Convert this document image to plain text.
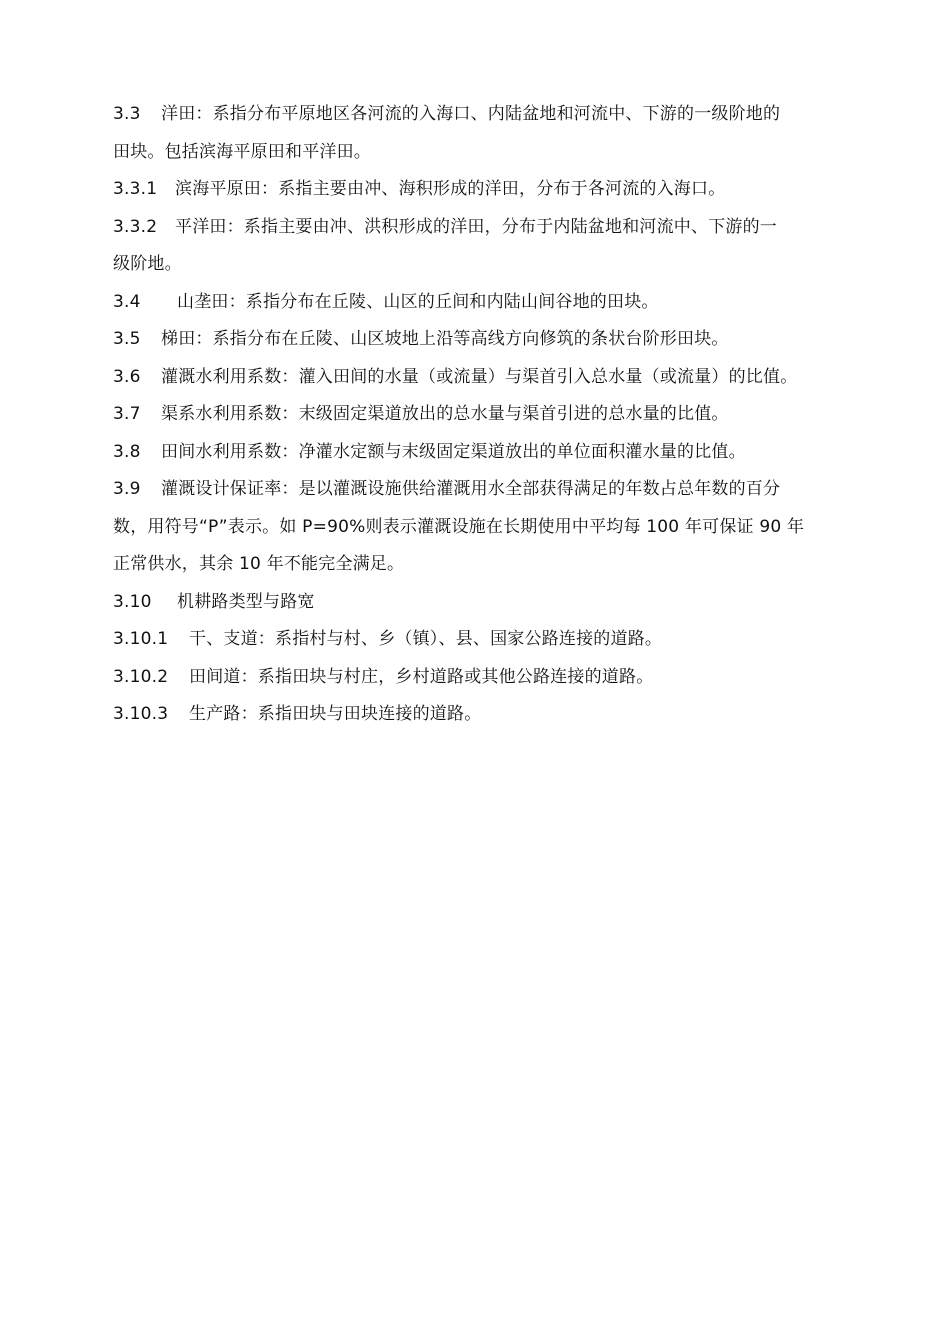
3.3 洋田：系指分布平原地区各河流的入海口、内陆盆地和河流中、下游的一级阶地的
田块。包括滨海平原田和平洋田。
3.3.1 滨海平原田：系指主要由冲、海积形成的洋田，分布于各河流的入海口。
3.3.2 平洋田：系指主要由冲、洪积形成的洋田，分布于内陆盆地和河流中、下游的一
级阶地。
3.4 山垄田：系指分布在丘陵、山区的丘间和内陆山间谷地的田块。
3.5 梯田：系指分布在丘陵、山区坡地上沿等高线方向修筑的条状台阶形田块。
3.6 灌溉水利用系数：灌入田间的水量（或流量）与渠首引入总水量（或流量）的比值。
3.7 渠系水利用系数：末级固定渠道放出的总水量与渠首引进的总水量的比值。
3.8 田间水利用系数：净灌水定额与末级固定渠道放出的单位面积灌水量的比值。
3.9 灌溉设计保证率：是以灌溉设施供给灌溉用水全部获得满足的年数占总年数的百分
数，用符号“P”表示。如 P=90%则表示灌溉设施在长期使用中平均每 100 年可保证 90 年
正常供水，其余 10 年不能完全满足。
3.10 机耕路类型与路宽
3.10.1 干、支道：系指村与村、乡（镇）、县、国家公路连接的道路。
3.10.2 田间道：系指田块与村庄，乡村道路或其他公路连接的道路。
3.10.3 生产路：系指田块与田块连接的道路。
